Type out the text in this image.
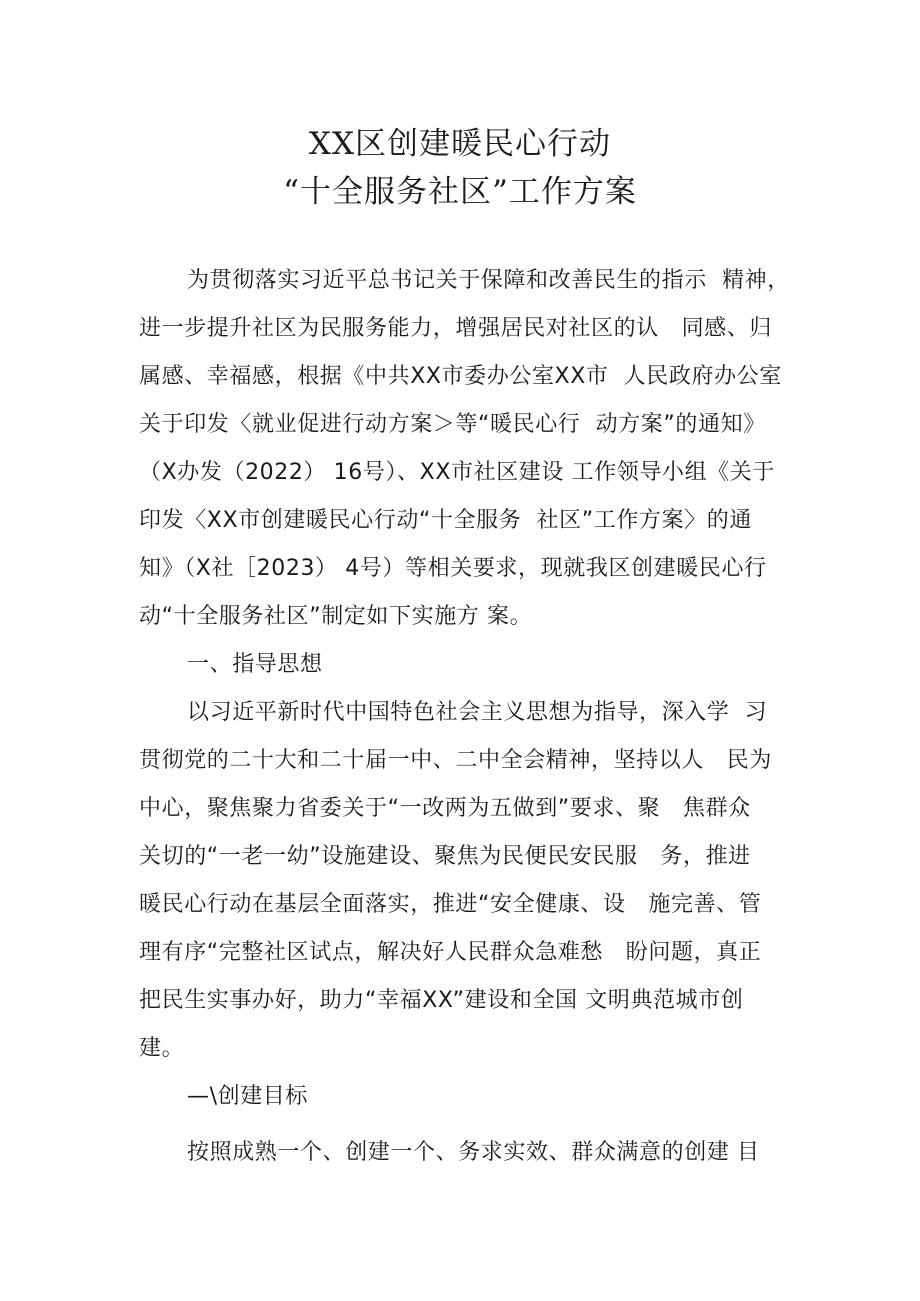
XX区创建暖民心行动
“十全服务社区”工作方案
为贯彻落实习近平总书记关于保障和改善民生的指示  精神，
进一步提升社区为民服务能力，增强居民对社区的认   同感、归
属感、幸福感，根据《中共XX市委办公室XX市  人民政府办公室
关于印发〈就业促进行动方案＞等“暖民心行  动方案”的通知》
（X办发（2022） 16号）、XX市社区建设 工作领导小组《关于
印发〈XX市创建暖民心行动“十全服务  社区”工作方案〉的通
知》（X社［2023） 4号）等相关要求，现就我区创建暖民心行
动“十全服务社区”制定如下实施方 案。
一、指导思想
以习近平新时代中国特色社会主义思想为指导，深入学  习
贯彻党的二十大和二十届一中、二中全会精神，坚持以人   民为
中心，聚焦聚力省委关于“一改两为五做到”要求、聚   焦群众
关切的“一老一幼”设施建设、聚焦为民便民安民服   务，推进
暖民心行动在基层全面落实，推进“安全健康、设   施完善、管
理有序“完整社区试点，解决好人民群众急难愁   盼问题，真正
把民生实事办好，助力“幸福XX”建设和全国 文明典范城市创
建。
—\创建目标
按照成熟一个、创建一个、务求实效、群众满意的创建 目
